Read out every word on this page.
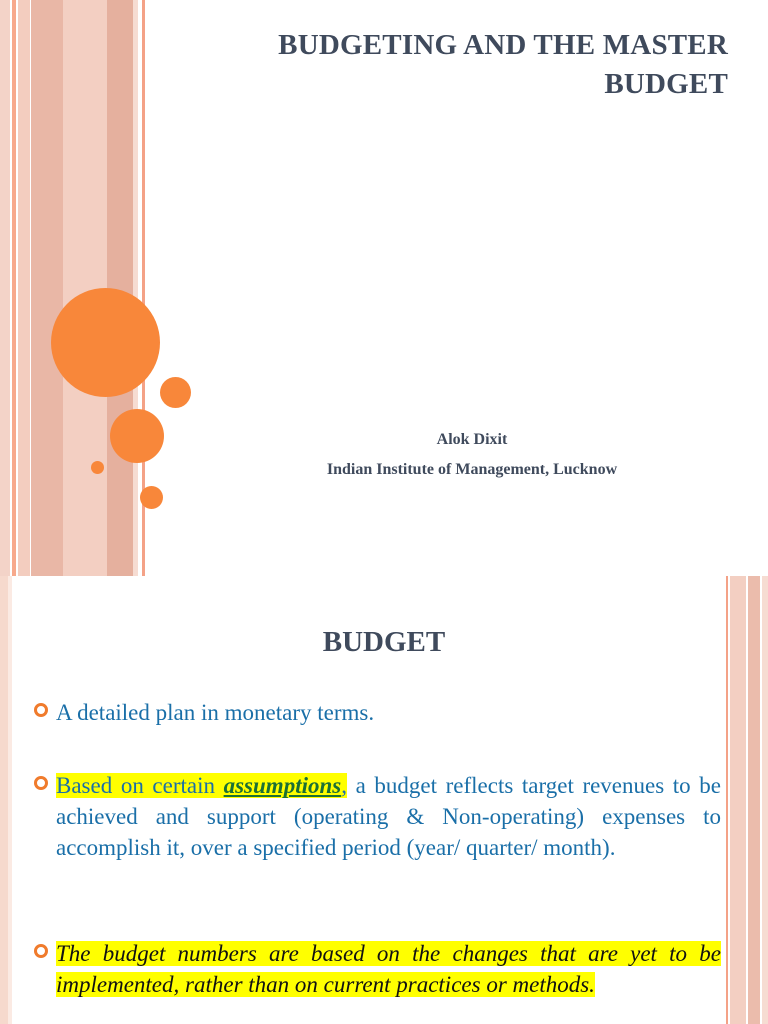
BUDGETING AND THE MASTER BUDGET
Alok Dixit
Indian Institute of Management, Lucknow
BUDGET
A detailed plan in monetary terms.
Based on certain assumptions, a budget reflects target revenues to be achieved and support (operating & Non-operating) expenses to accomplish it, over a specified period (year/ quarter/ month).
The budget numbers are based on the changes that are yet to be implemented, rather than on current practices or methods.
